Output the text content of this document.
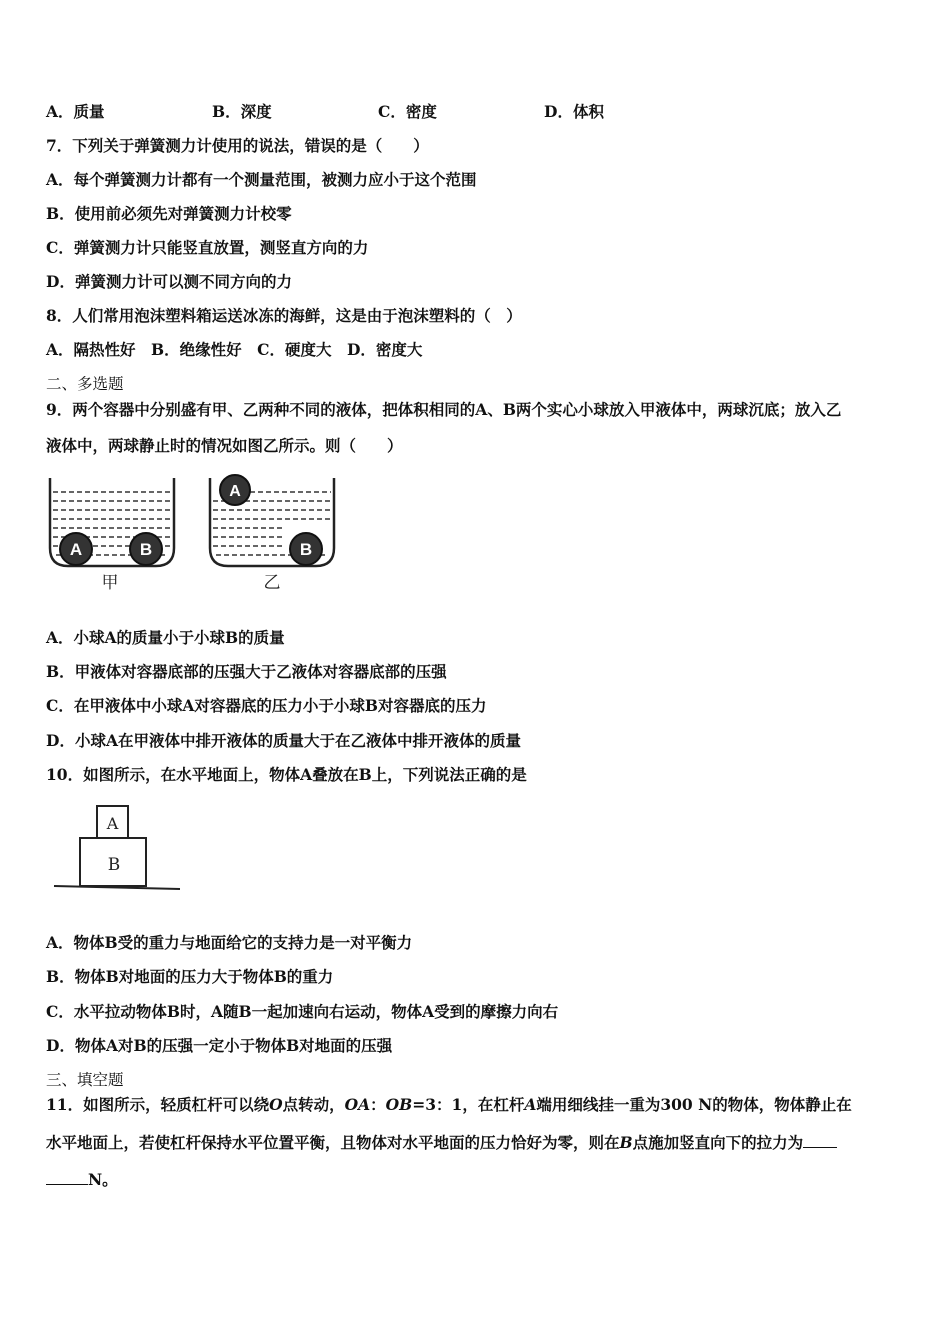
A．质量	B．深度	C．密度	D．体积
7．下列关于弹簧测力计使用的说法，错误的是（　　）
A．每个弹簧测力计都有一个测量范围，被测力应小于这个范围
B．使用前必须先对弹簧测力计校零
C．弹簧测力计只能竖直放置，测竖直方向的力
D．弹簧测力计可以测不同方向的力
8．人们常用泡沫塑料箱运送冰冻的海鲜，这是由于泡沫塑料的（　）
A．隔热性好　B．绝缘性好　C．硬度大　D．密度大
二、多选题
9．两个容器中分别盛有甲、乙两种不同的液体，把体积相同的A、B两个实心小球放入甲液体中，两球沉底；放入乙
液体中，两球静止时的情况如图乙所示。则（　　）
A	B
甲
A
B
乙
A．小球A的质量小于小球B的质量
B．甲液体对容器底部的压强大于乙液体对容器底部的压强
C．在甲液体中小球A对容器底的压力小于小球B对容器底的压力
D．小球A在甲液体中排开液体的质量大于在乙液体中排开液体的质量
10．如图所示，在水平地面上，物体A叠放在B上，下列说法正确的是
A
B
A．物体B受的重力与地面给它的支持力是一对平衡力
B．物体B对地面的压力大于物体B的重力
C．水平拉动物体B时，A随B一起加速向右运动，物体A受到的摩擦力向右
D．物体A对B的压强一定小于物体B对地面的压强
三、填空题
11．如图所示，轻质杠杆可以绕O点转动，OA：OB=3：1，在杠杆A端用细线挂一重为300 N的物体，物体静止在
水平地面上，若使杠杆保持水平位置平衡，且物体对水平地面的压力恰好为零，则在B点施加竖直向下的拉力为
N。
